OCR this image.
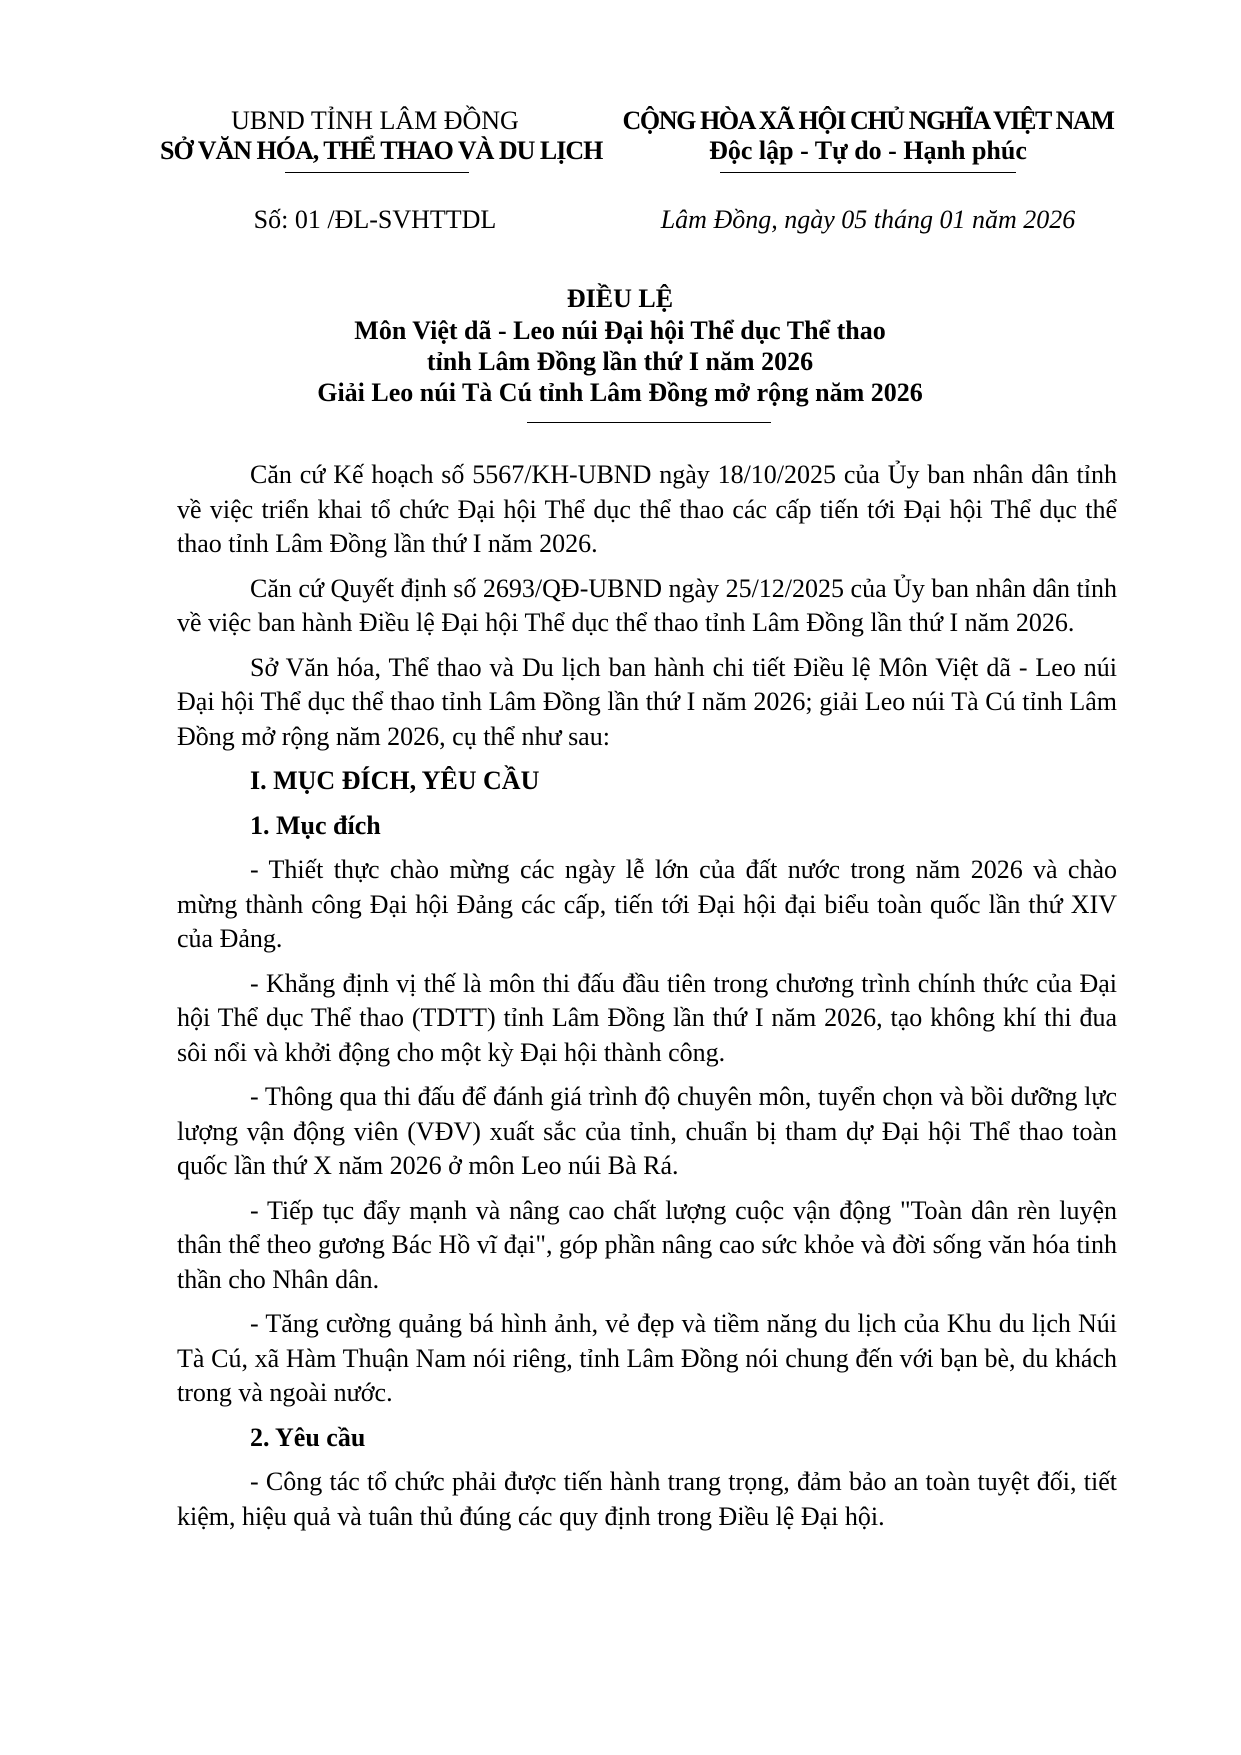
UBND TỈNH LÂM ĐỒNG
SỞ VĂN HÓA, THỂ THAO VÀ DU LỊCH
Số: 01 /ĐL-SVHTTDL
CỘNG HÒA XÃ HỘI CHỦ NGHĨA VIỆT NAM
Độc lập - Tự do - Hạnh phúc
Lâm Đồng, ngày 05 tháng 01 năm 2026
ĐIỀU LỆ
Môn Việt dã - Leo núi Đại hội Thể dục Thể thao
tỉnh Lâm Đồng lần thứ I năm 2026
Giải Leo núi Tà Cú tỉnh Lâm Đồng mở rộng năm 2026

Căn cứ Kế hoạch số 5567/KH-UBND ngày 18/10/2025 của Ủy ban nhân dân tỉnh về việc triển khai tổ chức Đại hội Thể dục thể thao các cấp tiến tới Đại hội Thể dục thể thao tỉnh Lâm Đồng lần thứ I năm 2026.

Căn cứ Quyết định số 2693/QĐ-UBND ngày 25/12/2025 của Ủy ban nhân dân tỉnh về việc ban hành Điều lệ Đại hội Thể dục thể thao tỉnh Lâm Đồng lần thứ I năm 2026.

Sở Văn hóa, Thể thao và Du lịch ban hành chi tiết Điều lệ Môn Việt dã - Leo núi Đại hội Thể dục thể thao tỉnh Lâm Đồng lần thứ I năm 2026; giải Leo núi Tà Cú tỉnh Lâm Đồng mở rộng năm 2026, cụ thể như sau:

I. MỤC ĐÍCH, YÊU CẦU
1. Mục đích

- Thiết thực chào mừng các ngày lễ lớn của đất nước trong năm 2026 và chào mừng thành công Đại hội Đảng các cấp, tiến tới Đại hội đại biểu toàn quốc lần thứ XIV của Đảng.

- Khẳng định vị thế là môn thi đấu đầu tiên trong chương trình chính thức của Đại hội Thể dục Thể thao (TDTT) tỉnh Lâm Đồng lần thứ I năm 2026, tạo không khí thi đua sôi nổi và khởi động cho một kỳ Đại hội thành công.

- Thông qua thi đấu để đánh giá trình độ chuyên môn, tuyển chọn và bồi dưỡng lực lượng vận động viên (VĐV) xuất sắc của tỉnh, chuẩn bị tham dự Đại hội Thể thao toàn quốc lần thứ X năm 2026 ở môn Leo núi Bà Rá.

- Tiếp tục đẩy mạnh và nâng cao chất lượng cuộc vận động "Toàn dân rèn luyện thân thể theo gương Bác Hồ vĩ đại", góp phần nâng cao sức khỏe và đời sống văn hóa tinh thần cho Nhân dân.

- Tăng cường quảng bá hình ảnh, vẻ đẹp và tiềm năng du lịch của Khu du lịch Núi Tà Cú, xã Hàm Thuận Nam nói riêng, tỉnh Lâm Đồng nói chung đến với bạn bè, du khách trong và ngoài nước.

2. Yêu cầu

- Công tác tổ chức phải được tiến hành trang trọng, đảm bảo an toàn tuyệt đối, tiết kiệm, hiệu quả và tuân thủ đúng các quy định trong Điều lệ Đại hội.
